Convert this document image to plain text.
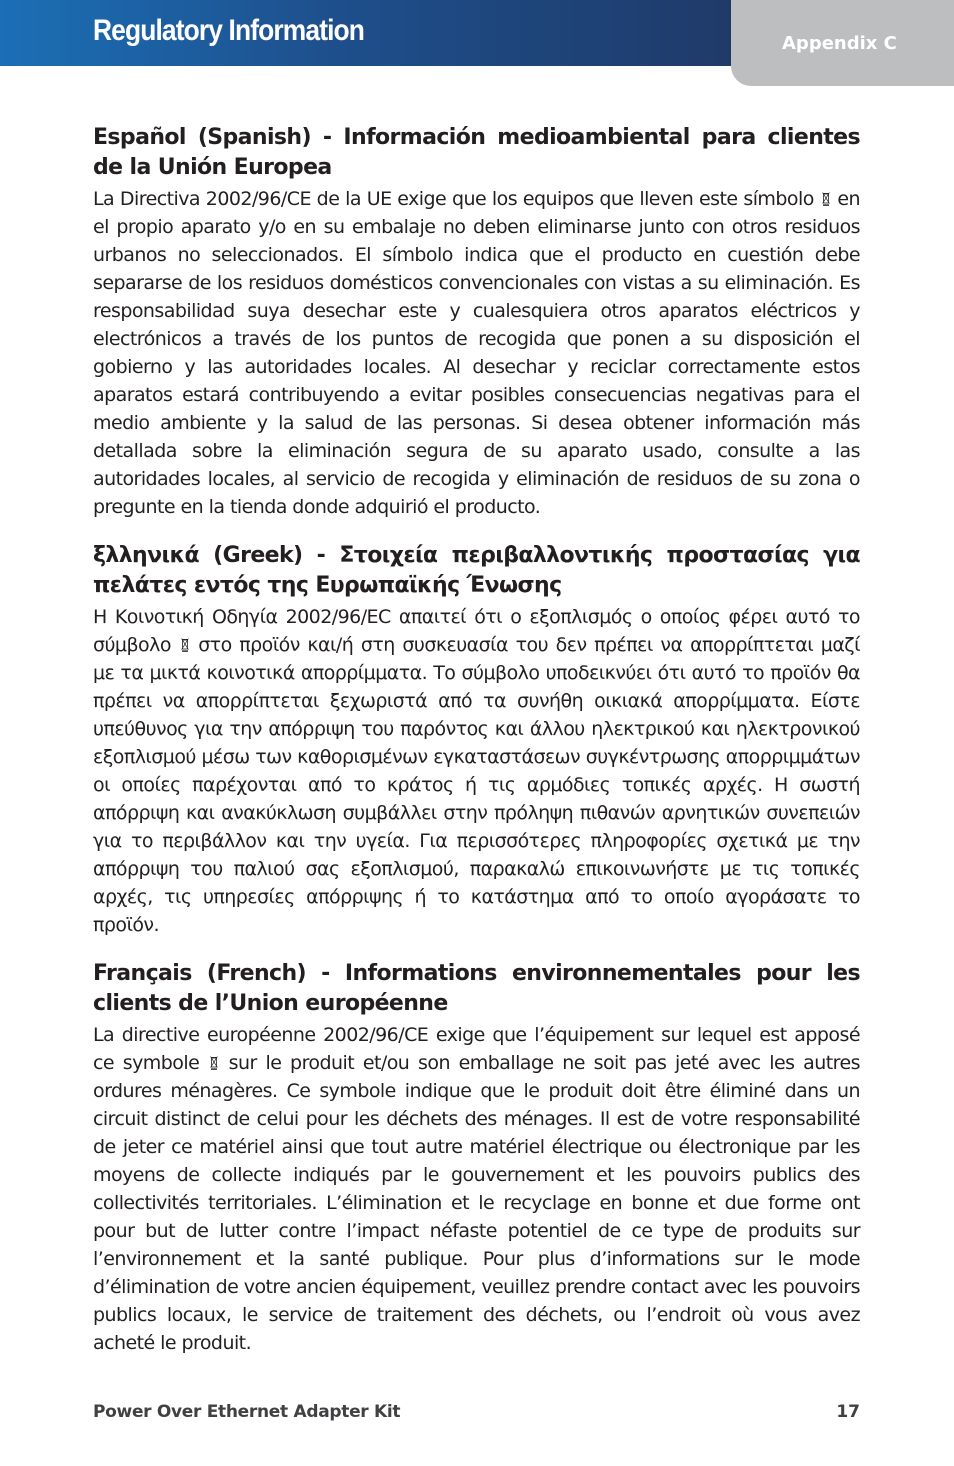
Regulatory Information	Appendix C
Español (Spanish) - Información medioambiental para clientes de la Unión Europea

La Directiva 2002/96/CE de la UE exige que los equipos que lleven este símbolo en el propio aparato y/o en su embalaje no deben eliminarse junto con otros residuos urbanos no seleccionados. El símbolo indica que el producto en cuestión debe separarse de los residuos domésticos convencionales con vistas a su eliminación. Es responsabilidad suya desechar este y cualesquiera otros aparatos eléctricos y electrónicos a través de los puntos de recogida que ponen a su disposición el gobierno y las autoridades locales. Al desechar y reciclar correctamente estos aparatos estará contribuyendo a evitar posibles consecuencias negativas para el medio ambiente y la salud de las personas. Si desea obtener información más detallada sobre la eliminación segura de su aparato usado, consulte a las autoridades locales, al servicio de recogida y eliminación de residuos de su zona o pregunte en la tienda donde adquirió el producto.

ξλληνικά (Greek) - Στοιχεία περιβαλλοντικής προστασίας για πελάτες εντός της Ευρωπαϊκής Ένωσης

Η Κοινοτική Οδηγία 2002/96/EC απαιτεί ότι ο εξοπλισμός ο οποίος φέρει αυτό το σύμβολο στο προϊόν και/ή στη συσκευασία του δεν πρέπει να απορρίπτεται μαζί με τα μικτά κοινοτικά απορρίμματα. Το σύμβολο υποδεικνύει ότι αυτό το προϊόν θα πρέπει να απορρίπτεται ξεχωριστά από τα συνήθη οικιακά απορρίμματα. Είστε υπεύθυνος για την απόρριψη του παρόντος και άλλου ηλεκτρικού και ηλεκτρονικού εξοπλισμού μέσω των καθορισμένων εγκαταστάσεων συγκέντρωσης απορριμμάτων οι οποίες παρέχονται από το κράτος ή τις αρμόδιες τοπικές αρχές. Η σωστή απόρριψη και ανακύκλωση συμβάλλει στην πρόληψη πιθανών αρνητικών συνεπειών για το περιβάλλον και την υγεία. Για περισσότερες πληροφορίες σχετικά με την απόρριψη του παλιού σας εξοπλισμού, παρακαλώ επικοινωνήστε με τις τοπικές αρχές, τις υπηρεσίες απόρριψης ή το κατάστημα από το οποίο αγοράσατε το προϊόν.

Français (French) - Informations environnementales pour les clients de l’Union européenne

La directive européenne 2002/96/CE exige que l’équipement sur lequel est apposé ce symbole sur le produit et/ou son emballage ne soit pas jeté avec les autres ordures ménagères. Ce symbole indique que le produit doit être éliminé dans un circuit distinct de celui pour les déchets des ménages. Il est de votre responsabilité de jeter ce matériel ainsi que tout autre matériel électrique ou électronique par les moyens de collecte indiqués par le gouvernement et les pouvoirs publics des collectivités territoriales. L’élimination et le recyclage en bonne et due forme ont pour but de lutter contre l’impact néfaste potentiel de ce type de produits sur l’environnement et la santé publique. Pour plus d’informations sur le mode d’élimination de votre ancien équipement, veuillez prendre contact avec les pouvoirs publics locaux, le service de traitement des déchets, ou l’endroit où vous avez acheté le produit.

Power Over Ethernet Adapter Kit	17
